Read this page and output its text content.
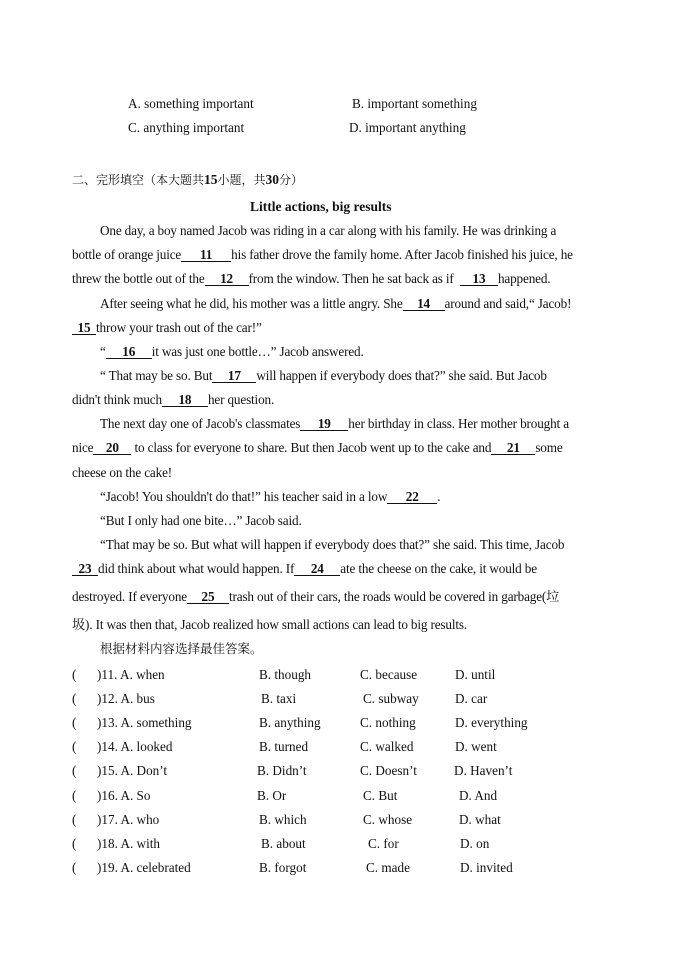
A. something important	B. important something
C. anything important	D. important anything
二、完形填空（本大题共15小题，共30分）
Little actions, big results
One day, a boy named Jacob was riding in a car along with his family. He was drinking a
bottle of orange juice 11 his father drove the family home. After Jacob finished his juice, he
threw the bottle out of the 12 from the window. Then he sat back as if 13 happened.
After seeing what he did, his mother was a little angry. She 14 around and said,“ Jacob!
15 throw your trash out of the car!”
“ 16 it was just one bottle…” Jacob answered.
“ That may be so. But 17 will happen if everybody does that?” she said. But Jacob
didn't think much 18 her question.
The next day one of Jacob's classmates 19 her birthday in class. Her mother brought a
nice 20 to class for everyone to share. But then Jacob went up to the cake and 21 some
cheese on the cake!
“Jacob! You shouldn't do that!” his teacher said in a low 22 .
“But I only had one bite…” Jacob said.
“That may be so. But what will happen if everybody does that?” she said. This time, Jacob
23 did think about what would happen. If 24 ate the cheese on the cake, it would be
destroyed. If everyone 25 trash out of their cars, the roads would be covered in garbage(垃
圾). It was then that, Jacob realized how small actions can lead to big results.
根据材料内容选择最佳答案。
( )11. A. when	B. though	C. because	D. until
( )12. A. bus	B. taxi	C. subway	D. car
( )13. A. something	B. anything	C. nothing	D. everything
( )14. A. looked	B. turned	C. walked	D. went
( )15. A. Don’t	B. Didn’t	C. Doesn’t	D. Haven’t
( )16. A. So	B. Or	C. But	D. And
( )17. A. who	B. which	C. whose	D. what
( )18. A. with	B. about	C. for	D. on
( )19. A. celebrated	B. forgot	C. made	D. invited
